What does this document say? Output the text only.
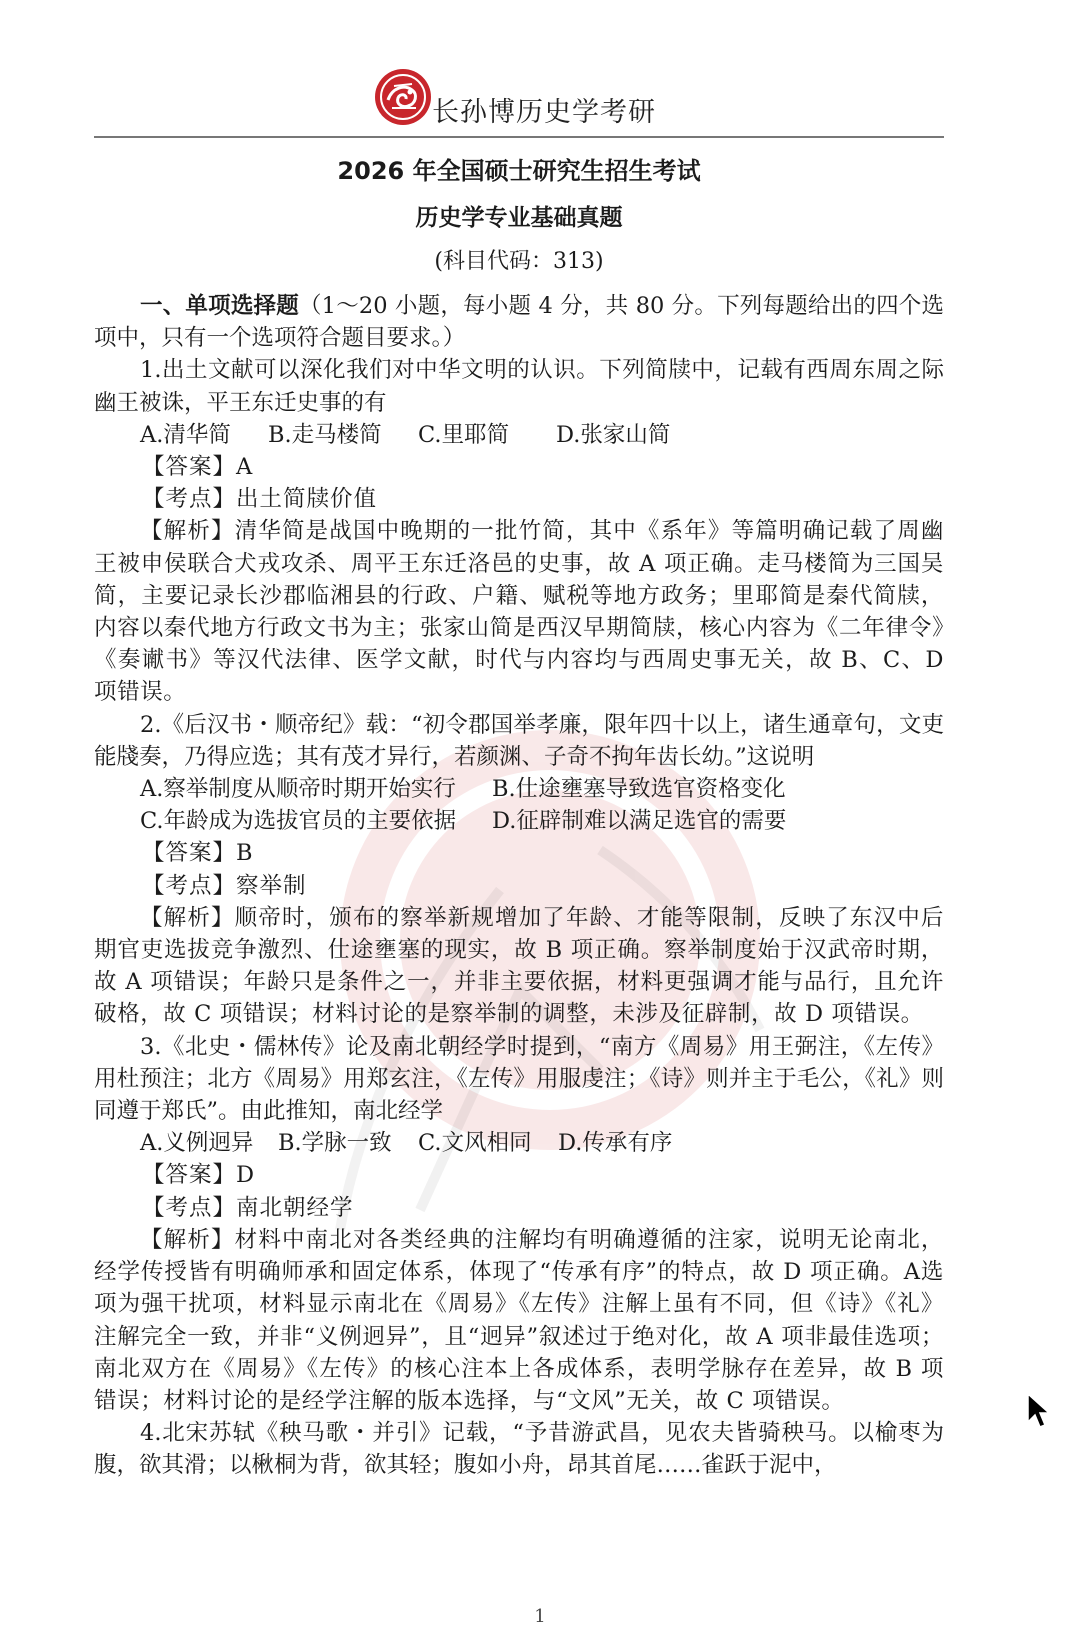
长孙博历史学考研
2026 年全国硕士研究生招生考试
历史学专业基础真题
(科目代码：313)

一、单项选择题（1～20 小题，每小题 4 分，共 80 分。下列每题给出的四个选项中，只有一个选项符合题目要求。）

1.出土文献可以深化我们对中华文明的认识。下列简牍中，记载有西周东周之际幽王被诛，平王东迁史事的有

A.清华简 B.走马楼简 C.里耶简 D.张家山简

【答案】A

【考点】出土简牍价值

【解析】清华简是战国中晚期的一批竹简，其中《系年》等篇明确记载了周幽王被申侯联合犬戎攻杀、周平王东迁洛邑的史事，故 A 项正确。走马楼简为三国吴简，主要记录长沙郡临湘县的行政、户籍、赋税等地方政务；里耶简是秦代简牍，内容以秦代地方行政文书为主；张家山简是西汉早期简牍，核心内容为《二年律令》《奏谳书》等汉代法律、医学文献，时代与内容均与西周史事无关，故 B、C、D 项错误。

2.《后汉书・顺帝纪》载：“初令郡国举孝廉，限年四十以上，诸生通章句，文吏能牋奏，乃得应选；其有茂才异行，若颜渊、子奇不拘年齿长幼。”这说明

A.察举制度从顺帝时期开始实行 B.仕途壅塞导致选官资格变化

C.年龄成为选拔官员的主要依据 D.征辟制难以满足选官的需要

【答案】B

【考点】察举制

【解析】顺帝时，颁布的察举新规增加了年龄、才能等限制，反映了东汉中后期官吏选拔竞争激烈、仕途壅塞的现实，故 B 项正确。察举制度始于汉武帝时期，故 A 项错误；年龄只是条件之一，并非主要依据，材料更强调才能与品行，且允许破格，故 C 项错误；材料讨论的是察举制的调整，未涉及征辟制，故 D 项错误。

3.《北史・儒林传》论及南北朝经学时提到，“南方《周易》用王弼注，《左传》用杜预注；北方《周易》用郑玄注，《左传》用服虔注；《诗》则并主于毛公，《礼》则同遵于郑氏”。由此推知，南北经学

A.义例迥异 B.学脉一致 C.文风相同 D.传承有序

【答案】D

【考点】南北朝经学

【解析】材料中南北对各类经典的注解均有明确遵循的注家，说明无论南北，经学传授皆有明确师承和固定体系，体现了“传承有序”的特点，故 D 项正确。A选项为强干扰项，材料显示南北在《周易》《左传》注解上虽有不同，但《诗》《礼》注解完全一致，并非“义例迥异”，且“迥异”叙述过于绝对化，故 A 项非最佳选项；南北双方在《周易》《左传》的核心注本上各成体系，表明学脉存在差异，故 B 项错误；材料讨论的是经学注解的版本选择，与“文风”无关，故 C 项错误。

4.北宋苏轼《秧马歌・并引》记载，“予昔游武昌，见农夫皆骑秧马。以榆枣为腹，欲其滑；以楸桐为背，欲其轻；腹如小舟，昂其首尾……雀跃于泥中，

1
